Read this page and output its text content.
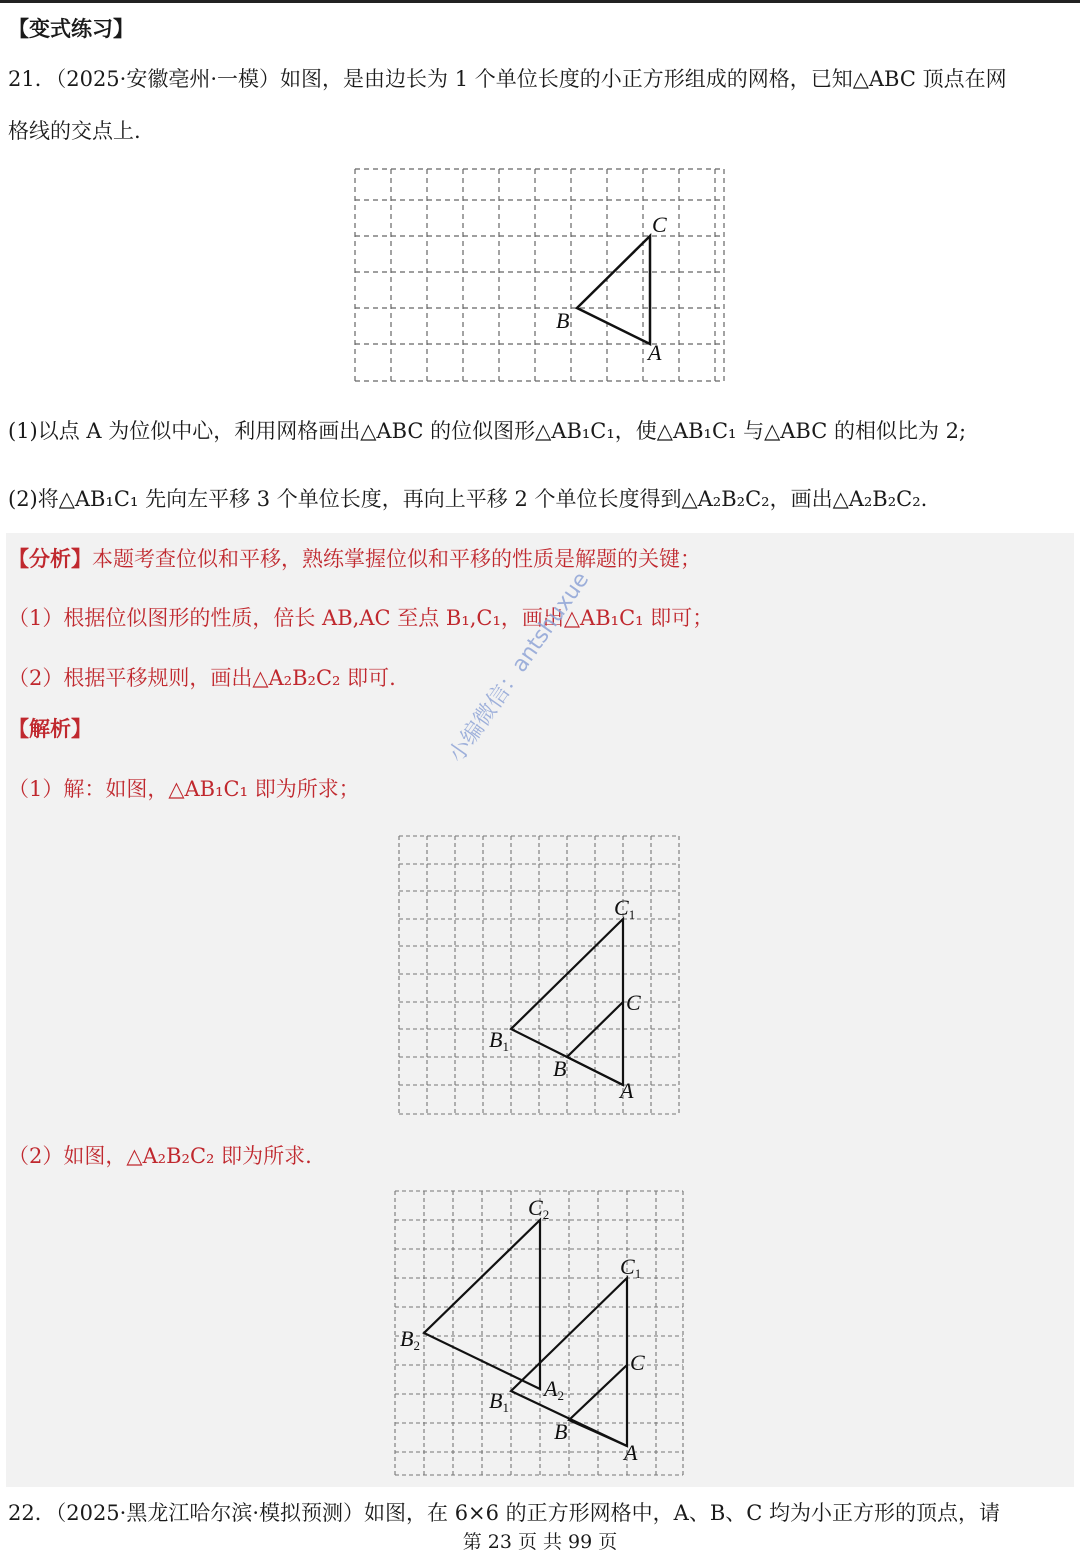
【变式练习】
21．（2025·安徽亳州·一模）如图，是由边长为 1 个单位长度的小正方形组成的网格，已知△ABC 顶点在网
格线的交点上.
C
B
A
(1)以点 A 为位似中心，利用网格画出△ABC 的位似图形△AB₁C₁，使△AB₁C₁ 与△ABC 的相似比为 2;
(2)将△AB₁C₁ 先向左平移 3 个单位长度，再向上平移 2 个单位长度得到△A₂B₂C₂，画出△A₂B₂C₂.
【分析】本题考查位似和平移，熟练掌握位似和平移的性质是解题的关键；
（1）根据位似图形的性质，倍长 AB,AC 至点 B₁,C₁，画出△AB₁C₁ 即可；
（2）根据平移规则，画出△A₂B₂C₂ 即可.
【解析】
（1）解：如图，△AB₁C₁ 即为所求；
C1
C
B1
B
A
（2）如图，△A₂B₂C₂ 即为所求.
C2
C1
C
B2
A2
B1
B
A
小编微信：antshuxue
22．（2025·黑龙江哈尔滨·模拟预测）如图，在 6×6 的正方形网格中，A、B、C 均为小正方形的顶点，请
第 23 页 共 99 页
